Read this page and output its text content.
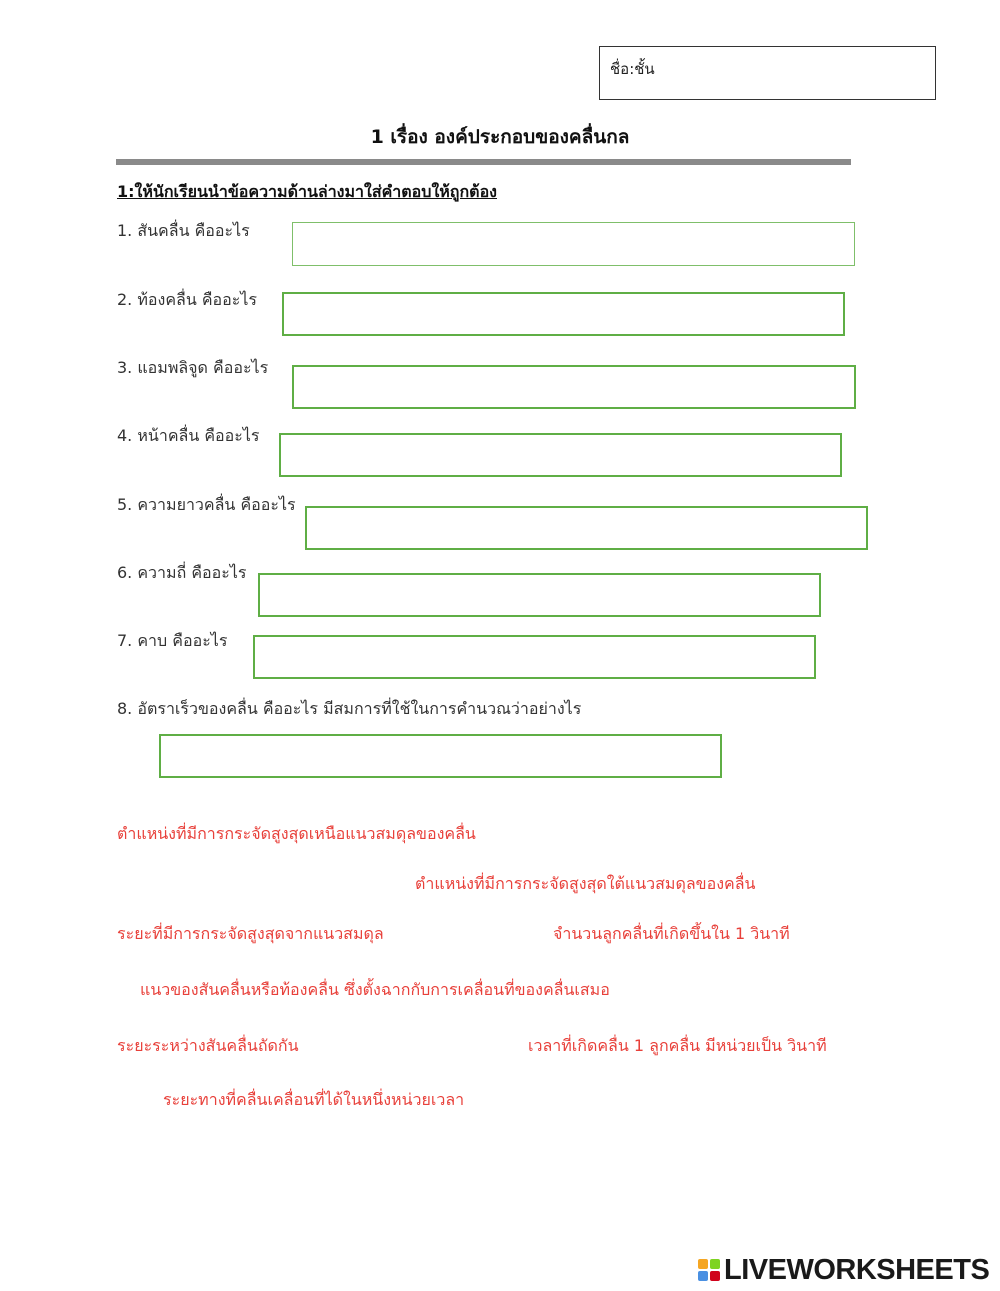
ชื่อ:ชั้น
1 เรื่อง องค์ประกอบของคลื่นกล
1:ให้นักเรียนนำข้อความด้านล่างมาใส่คำตอบให้ถูกต้อง
1. สันคลื่น คืออะไร
2. ท้องคลื่น คืออะไร
3. แอมพลิจูด คืออะไร
4. หน้าคลื่น คืออะไร
5. ความยาวคลื่น คืออะไร
6. ความถี่ คืออะไร
7. คาบ คืออะไร
8. อัตราเร็วของคลื่น คืออะไร มีสมการที่ใช้ในการคำนวณว่าอย่างไร
ตำแหน่งที่มีการกระจัดสูงสุดเหนือแนวสมดุลของคลื่น
ตำแหน่งที่มีการกระจัดสูงสุดใต้แนวสมดุลของคลื่น
ระยะที่มีการกระจัดสูงสุดจากแนวสมดุล	จำนวนลูกคลื่นที่เกิดขึ้นใน 1 วินาที
แนวของสันคลื่นหรือท้องคลื่น ซึ่งตั้งฉากกับการเคลื่อนที่ของคลื่นเสมอ
ระยะระหว่างสันคลื่นถัดกัน	เวลาที่เกิดคลื่น 1 ลูกคลื่น มีหน่วยเป็น วินาที
ระยะทางที่คลื่นเคลื่อนที่ได้ในหนึ่งหน่วยเวลา
LIVEWORKSHEETS
